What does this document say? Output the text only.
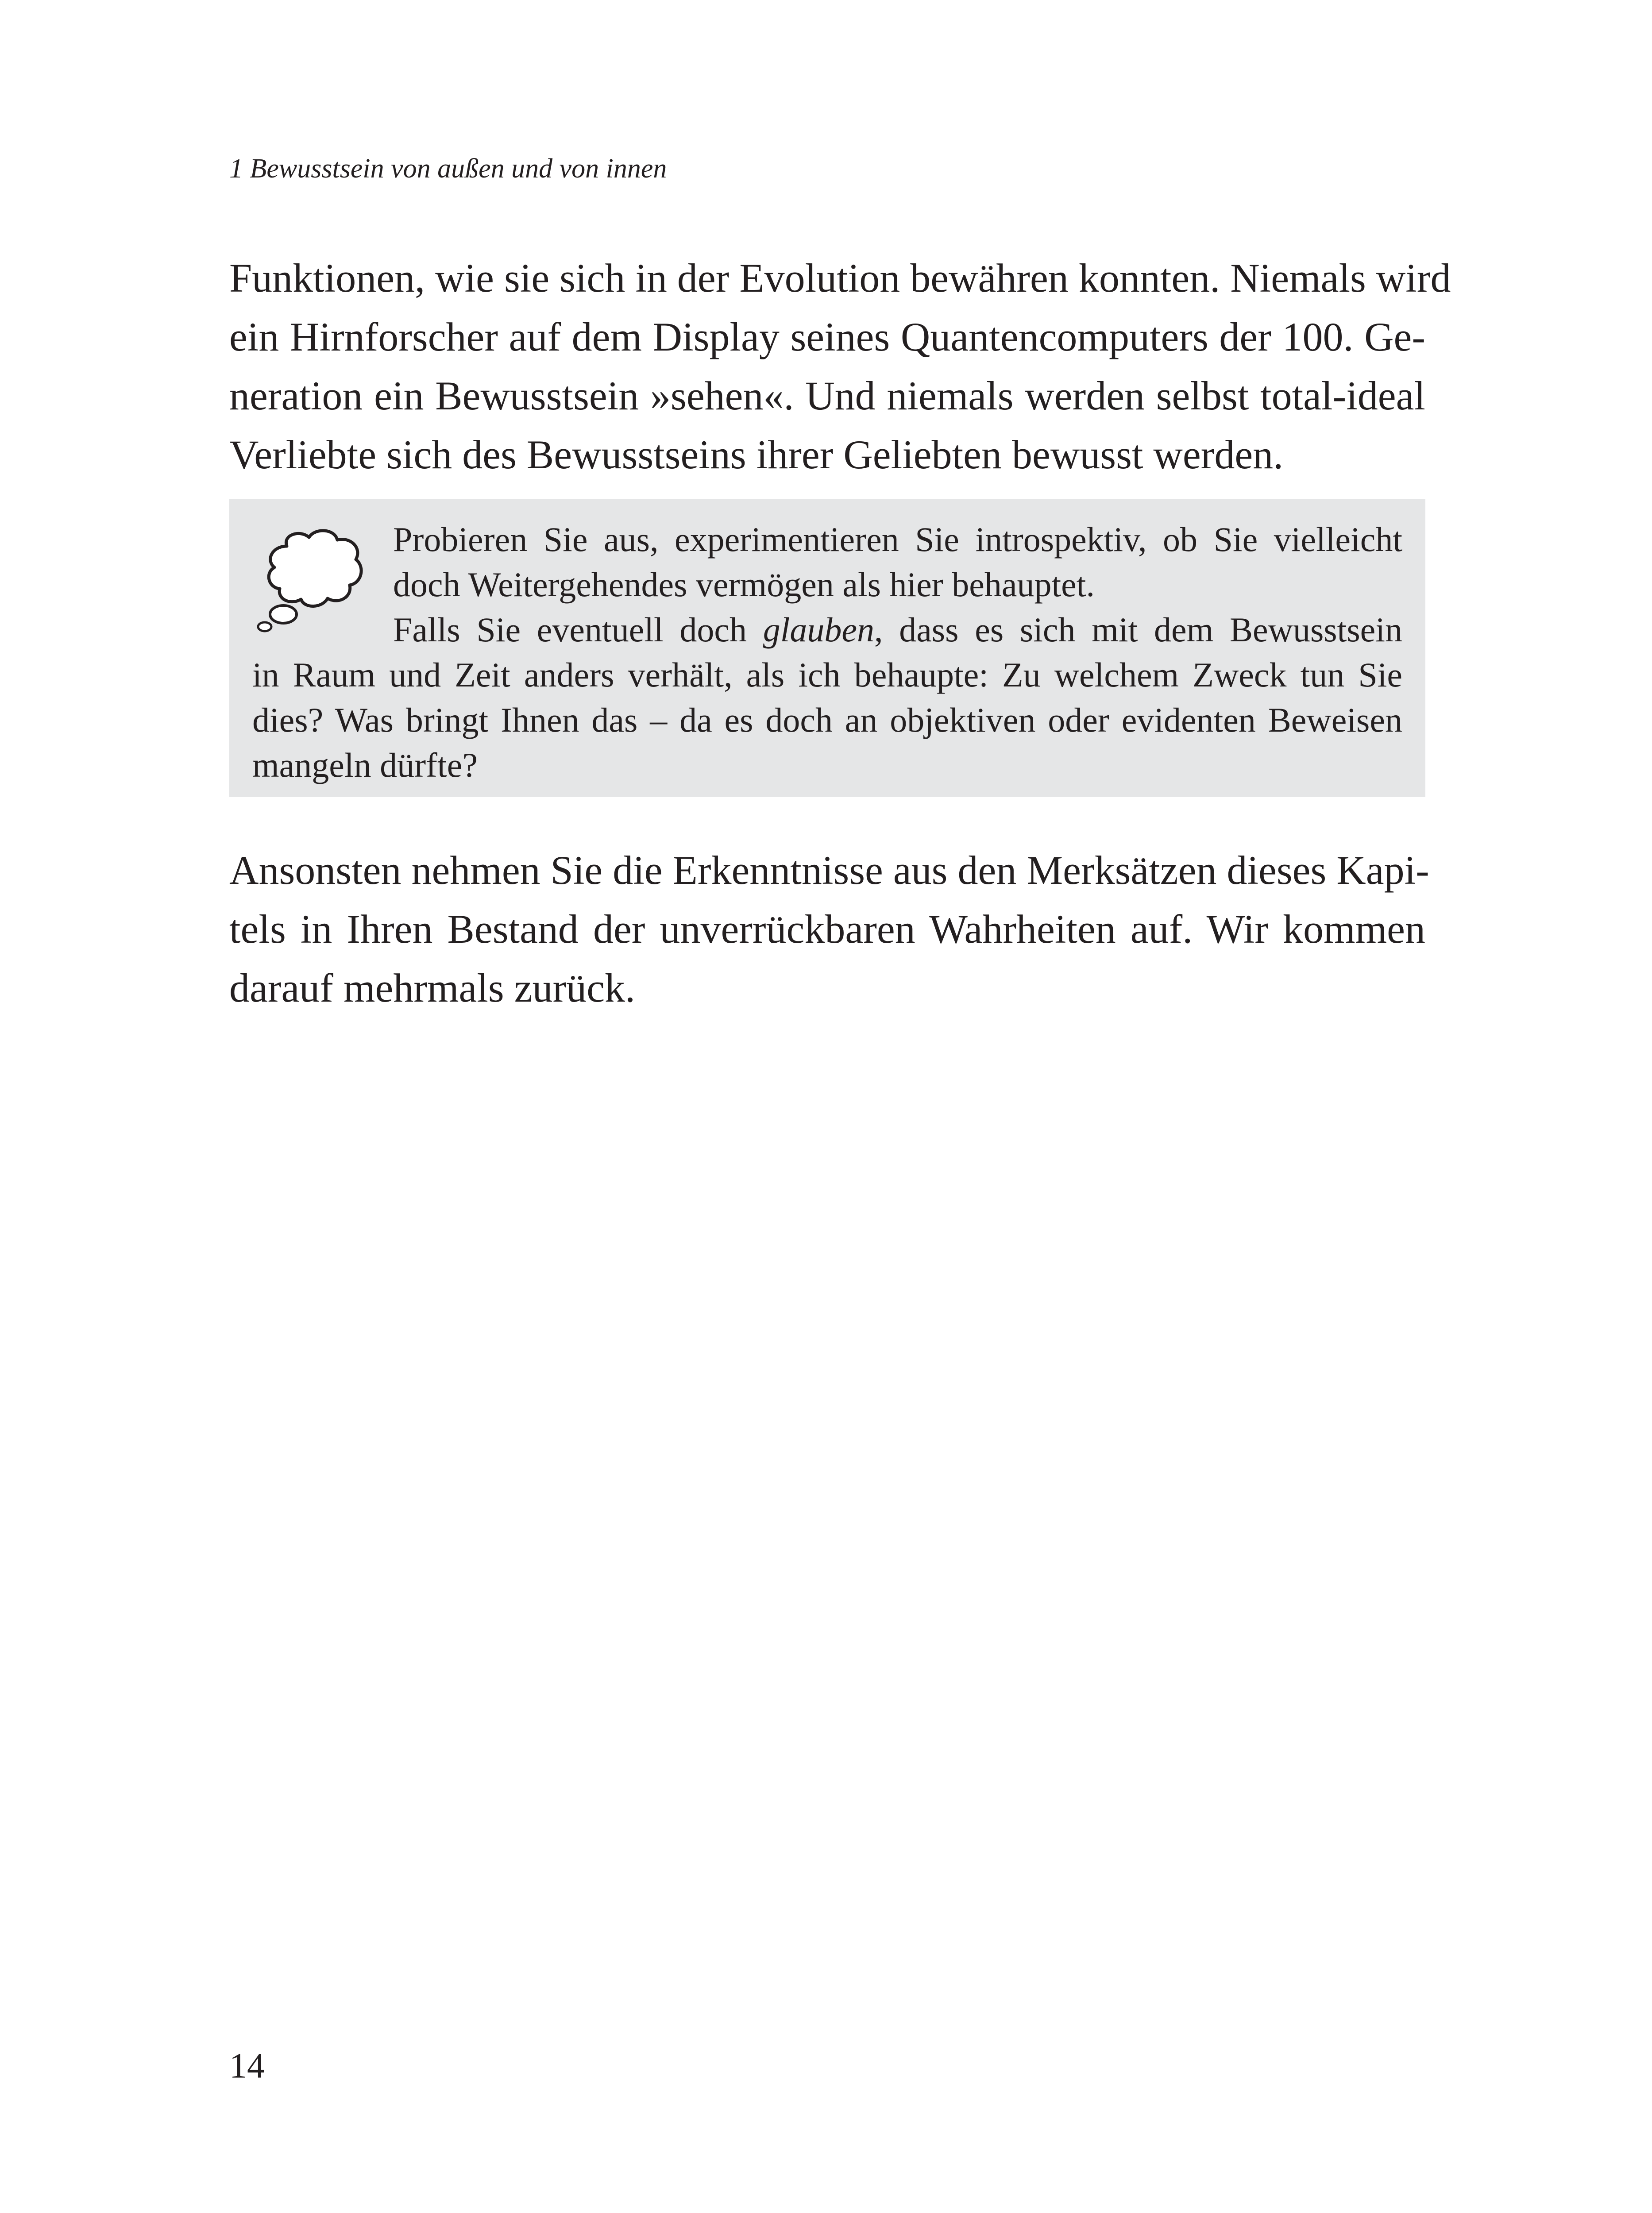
1 Bewusstsein von außen und von innen

Funktionen, wie sie sich in der Evolution bewähren konnten. Niemals wird
ein Hirnforscher auf dem Display seines Quantencomputers der 100. Ge-
neration ein Bewusstsein »sehen«. Und niemals werden selbst total-ideal
Verliebte sich des Bewusstseins ihrer Geliebten bewusst werden.

Probieren Sie aus, experimentieren Sie introspektiv, ob Sie vielleicht
doch Weitergehendes vermögen als hier behauptet.
Falls Sie eventuell doch glauben, dass es sich mit dem Bewusstsein
in Raum und Zeit anders verhält, als ich behaupte: Zu welchem Zweck tun Sie
dies? Was bringt Ihnen das – da es doch an objektiven oder evidenten Beweisen
mangeln dürfte?

Ansonsten nehmen Sie die Erkenntnisse aus den Merksätzen dieses Kapi-
tels in Ihren Bestand der unverrückbaren Wahrheiten auf. Wir kommen
darauf mehrmals zurück.

14
